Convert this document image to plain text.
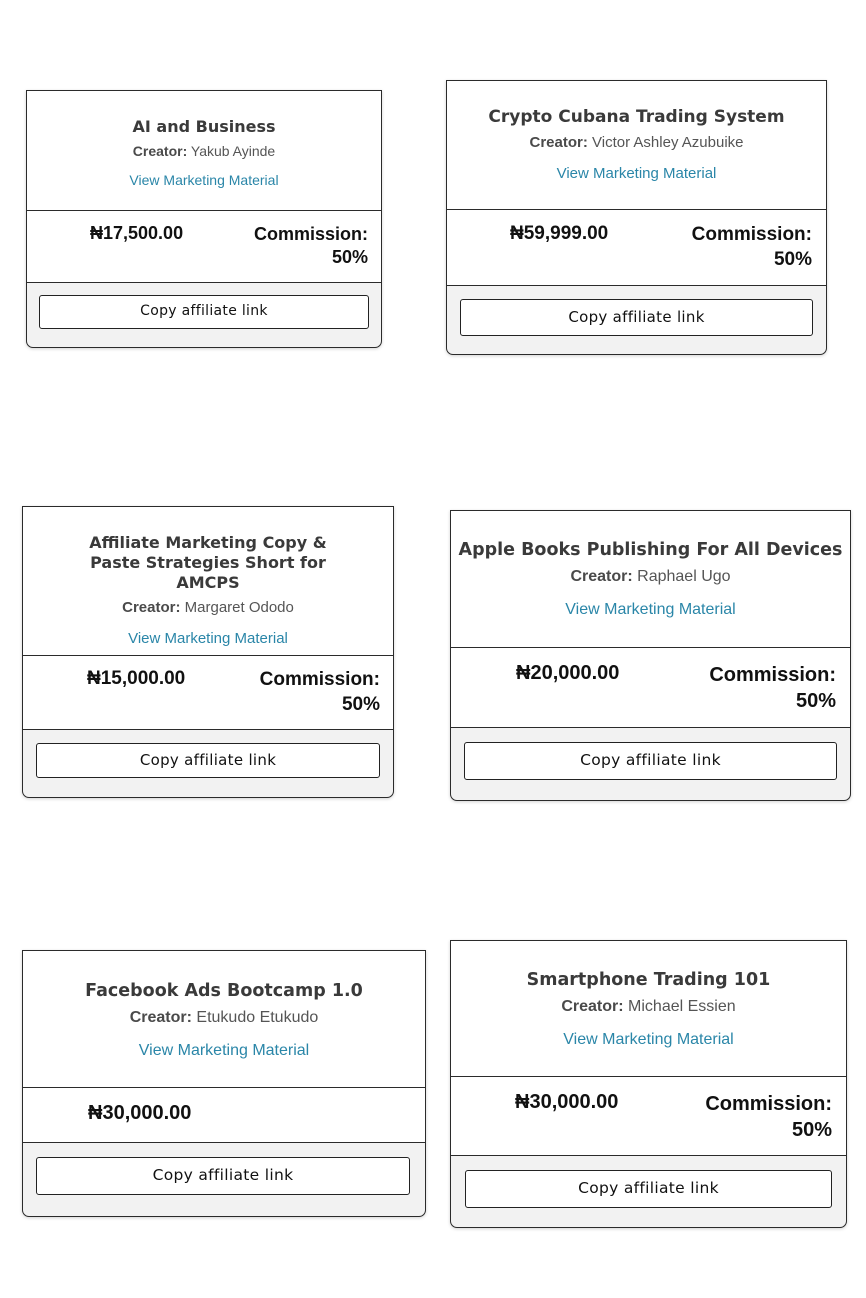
AI and Business
Creator: Yakub Ayinde
View Marketing Material
₦17,500.00	Commission:
50%
Copy affiliate link
Crypto Cubana Trading System
Creator: Victor Ashley Azubuike
View Marketing Material
₦59,999.00	Commission:
50%
Copy affiliate link
Affiliate Marketing Copy & Paste Strategies Short for AMCPS
Creator: Margaret Ododo
View Marketing Material
₦15,000.00	Commission:
50%
Copy affiliate link
Apple Books Publishing For All Devices
Creator: Raphael Ugo
View Marketing Material
₦20,000.00	Commission:
50%
Copy affiliate link
Facebook Ads Bootcamp 1.0
Creator: Etukudo Etukudo
View Marketing Material
₦30,000.00
Copy affiliate link
Smartphone Trading 101
Creator: Michael Essien
View Marketing Material
₦30,000.00	Commission:
50%
Copy affiliate link
